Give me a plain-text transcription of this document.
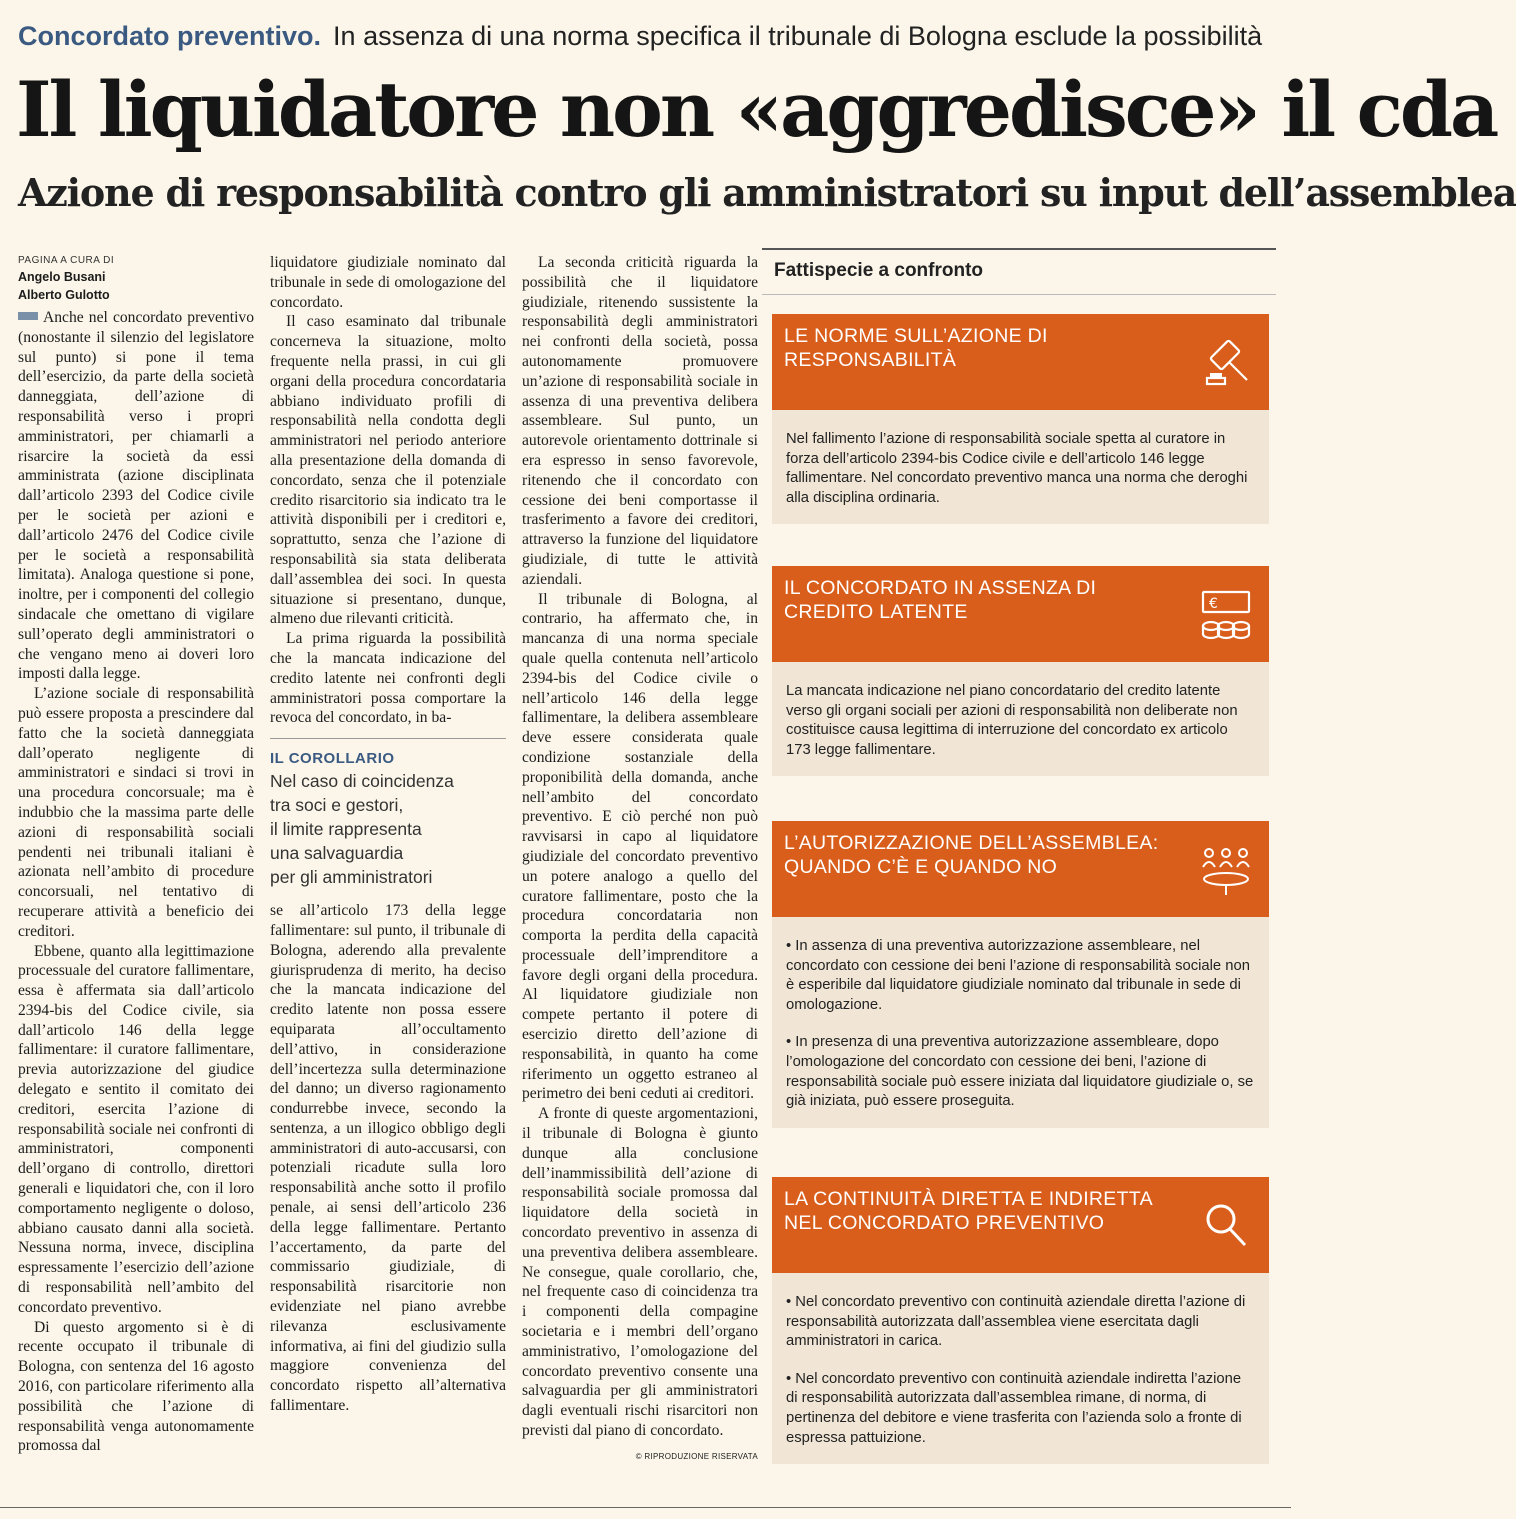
Concordato preventivo. In assenza di una norma specifica il tribunale di Bologna esclude la possibilità
Il liquidatore non «aggredisce» il cda
Azione di responsabilità contro gli amministratori su input dell’assemblea
PAGINA A CURA DI
Angelo Busani
Alberto Gulotto

Anche nel concordato preventivo (nonostante il silenzio del legislatore sul punto) si pone il tema dell’esercizio, da parte della società danneggiata, dell’azione di responsabilità verso i propri amministratori, per chiamarli a risarcire la società da essi amministrata (azione disciplinata dall’articolo 2393 del Codice civile per le società per azioni e dall’articolo 2476 del Codice civile per le società a responsabilità limitata). Analoga questione si pone, inoltre, per i componenti del collegio sindacale che omettano di vigilare sull’operato degli amministratori o che vengano meno ai doveri loro imposti dalla legge.

L’azione sociale di responsabilità può essere proposta a prescindere dal fatto che la società danneggiata dall’operato negligente di amministratori e sindaci si trovi in una procedura concorsuale; ma è indubbio che la massima parte delle azioni di responsabilità sociali pendenti nei tribunali italiani è azionata nell’ambito di procedure concorsuali, nel tentativo di recuperare attività a beneficio dei creditori.

Ebbene, quanto alla legittimazione processuale del curatore fallimentare, essa è affermata sia dall’articolo 2394-bis del Codice civile, sia dall’articolo 146 della legge fallimentare: il curatore fallimentare, previa autorizzazione del giudice delegato e sentito il comitato dei creditori, esercita l’azione di responsabilità sociale nei confronti di amministratori, componenti dell’organo di controllo, direttori generali e liquidatori che, con il loro comportamento negligente o doloso, abbiano causato danni alla società. Nessuna norma, invece, disciplina espressamente l’esercizio dell’azione di responsabilità nell’ambito del concordato preventivo.

Di questo argomento si è di recente occupato il tribunale di Bologna, con sentenza del 16 agosto 2016, con particolare riferimento alla possibilità che l’azione di responsabilità venga autonomamente promossa dal

liquidatore giudiziale nominato dal tribunale in sede di omologazione del concordato.

Il caso esaminato dal tribunale concerneva la situazione, molto frequente nella prassi, in cui gli organi della procedura concordataria abbiano individuato profili di responsabilità nella condotta degli amministratori nel periodo anteriore alla presentazione della domanda di concordato, senza che il potenziale credito risarcitorio sia indicato tra le attività disponibili per i creditori e, soprattutto, senza che l’azione di responsabilità sia stata deliberata dall’assemblea dei soci. In questa situazione si presentano, dunque, almeno due rilevanti criticità.

La prima riguarda la possibilità che la mancata indicazione del credito latente nei confronti degli amministratori possa comportare la revoca del concordato, in ba-

IL COROLLARIO
Nel caso di coincidenza
tra soci e gestori,
il limite rappresenta
una salvaguardia
per gli amministratori

se all’articolo 173 della legge fallimentare: sul punto, il tribunale di Bologna, aderendo alla prevalente giurisprudenza di merito, ha deciso che la mancata indicazione del credito latente non possa essere equiparata all’occultamento dell’attivo, in considerazione dell’incertezza sulla determinazione del danno; un diverso ragionamento condurrebbe invece, secondo la sentenza, a un illogico obbligo degli amministratori di auto-accusarsi, con potenziali ricadute sulla loro responsabilità anche sotto il profilo penale, ai sensi dell’articolo 236 della legge fallimentare. Pertanto l’accertamento, da parte del commissario giudiziale, di responsabilità risarcitorie non evidenziate nel piano avrebbe rilevanza esclusivamente informativa, ai fini del giudizio sulla maggiore convenienza del concordato rispetto all’alternativa fallimentare.

La seconda criticità riguarda la possibilità che il liquidatore giudiziale, ritenendo sussistente la responsabilità degli amministratori nei confronti della società, possa autonomamente promuovere un’azione di responsabilità sociale in assenza di una preventiva delibera assembleare. Sul punto, un autorevole orientamento dottrinale si era espresso in senso favorevole, ritenendo che il concordato con cessione dei beni comportasse il trasferimento a favore dei creditori, attraverso la funzione del liquidatore giudiziale, di tutte le attività aziendali.

Il tribunale di Bologna, al contrario, ha affermato che, in mancanza di una norma speciale quale quella contenuta nell’articolo 2394-bis del Codice civile o nell’articolo 146 della legge fallimentare, la delibera assembleare deve essere considerata quale condizione sostanziale della proponibilità della domanda, anche nell’ambito del concordato preventivo. E ciò perché non può ravvisarsi in capo al liquidatore giudiziale del concordato preventivo un potere analogo a quello del curatore fallimentare, posto che la procedura concordataria non comporta la perdita della capacità processuale dell’imprenditore a favore degli organi della procedura. Al liquidatore giudiziale non compete pertanto il potere di esercizio diretto dell’azione di responsabilità, in quanto ha come riferimento un oggetto estraneo al perimetro dei beni ceduti ai creditori.

A fronte di queste argomentazioni, il tribunale di Bologna è giunto dunque alla conclusione dell’inammissibilità dell’azione di responsabilità sociale promossa dal liquidatore della società in concordato preventivo in assenza di una preventiva delibera assembleare. Ne consegue, quale corollario, che, nel frequente caso di coincidenza tra i componenti della compagine societaria e i membri dell’organo amministrativo, l’omologazione del concordato preventivo consente una salvaguardia per gli amministratori dagli eventuali rischi risarcitori non previsti dal piano di concordato.

© RIPRODUZIONE RISERVATA
Fattispecie a confronto
LE NORME SULL’AZIONE DI RESPONSABILITÀ

Nel fallimento l’azione di responsabilità sociale spetta al curatore in forza dell’articolo 2394-bis Codice civile e dell’articolo 146 legge fallimentare. Nel concordato preventivo manca una norma che deroghi alla disciplina ordinaria.

IL CONCORDATO IN ASSENZA DI CREDITO LATENTE	€

La mancata indicazione nel piano concordatario del credito latente verso gli organi sociali per azioni di responsabilità non deliberate non costituisce causa legittima di interruzione del concordato ex articolo 173 legge fallimentare.

L’AUTORIZZAZIONE DELL’ASSEMBLEA: QUANDO C’È E QUANDO NO

• In assenza di una preventiva autorizzazione assembleare, nel concordato con cessione dei beni l’azione di responsabilità sociale non è esperibile dal liquidatore giudiziale nominato dal tribunale in sede di omologazione.

• In presenza di una preventiva autorizzazione assembleare, dopo l’omologazione del concordato con cessione dei beni, l’azione di responsabilità sociale può essere iniziata dal liquidatore giudiziale o, se già iniziata, può essere proseguita.

LA CONTINUITÀ DIRETTA E INDIRETTA NEL CONCORDATO PREVENTIVO

• Nel concordato preventivo con continuità aziendale diretta l’azione di responsabilità autorizzata dall’assemblea viene esercitata dagli amministratori in carica.

• Nel concordato preventivo con continuità aziendale indiretta l’azione di responsabilità autorizzata dall’assemblea rimane, di norma, di pertinenza del debitore e viene trasferita con l’azienda solo a fronte di espressa pattuizione.
